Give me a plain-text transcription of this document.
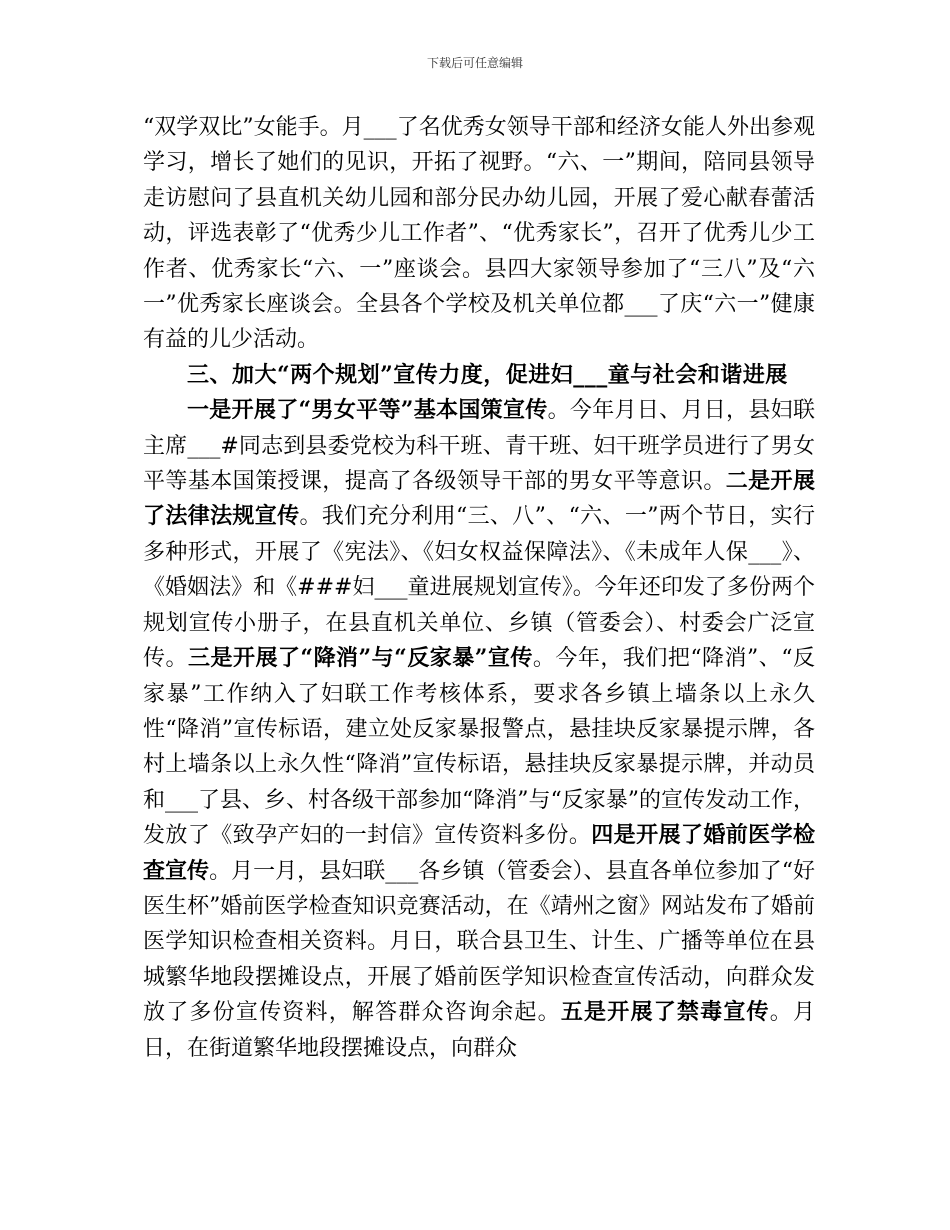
下载后可任意编辑

“双学双比”女能手。月___了名优秀女领导干部和经济女能人外出参观学习，增长了她们的见识，开拓了视野。“六、一”期间，陪同县领导走访慰问了县直机关幼儿园和部分民办幼儿园，开展了爱心献春蕾活动，评选表彰了“优秀少儿工作者”、“优秀家长”，召开了优秀儿少工作者、优秀家长“六、一”座谈会。县四大家领导参加了“三八”及“六一”优秀家长座谈会。全县各个学校及机关单位都___了庆“六一”健康有益的儿少活动。

三、加大“两个规划”宣传力度，促进妇___童与社会和谐进展

一是开展了“男女平等”基本国策宣传。今年月日、月日，县妇联主席___#同志到县委党校为科干班、青干班、妇干班学员进行了男女平等基本国策授课，提高了各级领导干部的男女平等意识。二是开展了法律法规宣传。我们充分利用“三、八”、“六、一”两个节日，实行多种形式，开展了《宪法》、《妇女权益保障法》、《未成年人保___》、《婚姻法》和《###妇___童进展规划宣传》。今年还印发了多份两个规划宣传小册子，在县直机关单位、乡镇（管委会）、村委会广泛宣传。三是开展了“降消”与“反家暴”宣传。今年，我们把“降消”、“反家暴”工作纳入了妇联工作考核体系，要求各乡镇上墙条以上永久性“降消”宣传标语，建立处反家暴报警点，悬挂块反家暴提示牌，各村上墙条以上永久性“降消”宣传标语，悬挂块反家暴提示牌，并动员和___了县、乡、村各级干部参加“降消”与“反家暴”的宣传发动工作，发放了《致孕产妇的一封信》宣传资料多份。四是开展了婚前医学检查宣传。月一月，县妇联___各乡镇（管委会）、县直各单位参加了“好医生杯”婚前医学检查知识竞赛活动，在《靖州之窗》网站发布了婚前医学知识检查相关资料。月日，联合县卫生、计生、广播等单位在县城繁华地段摆摊设点，开展了婚前医学知识检查宣传活动，向群众发放了多份宣传资料，解答群众咨询余起。五是开展了禁毒宣传。月日，在街道繁华地段摆摊设点，向群众
